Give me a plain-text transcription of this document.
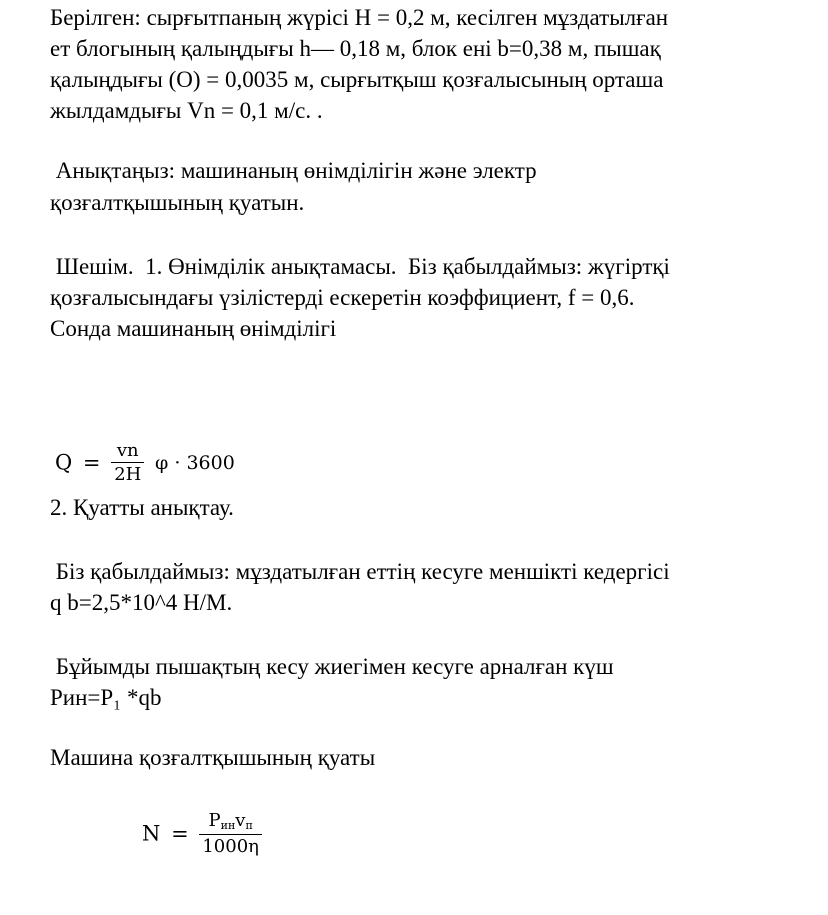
Берілген: сырғытпаның жүрісі Н = 0,2 м, кесілген мұздатылған
ет блогының қалыңдығы һ— 0,18 м, блок ені b=0,38 м, пышақ
қалыңдығы (О) = 0,0035 м, сырғытқыш қозғалысының орташа
жылдамдығы Vn = 0,1 м/с. .
Анықтаңыз: машинаның өнімділігін және электр
қозғалтқышының қуатын.
Шешім.  1. Өнімділік анықтамасы.  Біз қабылдаймыз: жүгіртқі
қозғалысындағы үзілістерді ескеретін коэффициент, f = 0,6.
Сонда машинаның өнімділігі
$Q = \frac{vn}{2H}$ φ · 3600
2. Қуатты анықтау.
Біз қабылдаймыз: мұздатылған еттің кесуге меншікті кедергісі
q b=2,5*10^4 Н/М.
Бұйымды пышақтың кесу жиегімен кесуге арналған күш
Рин=Р₁ *qb
Машина қозғалтқышының қуаты
$N = \frac{P_{ин}v_п}{1000\eta}$
